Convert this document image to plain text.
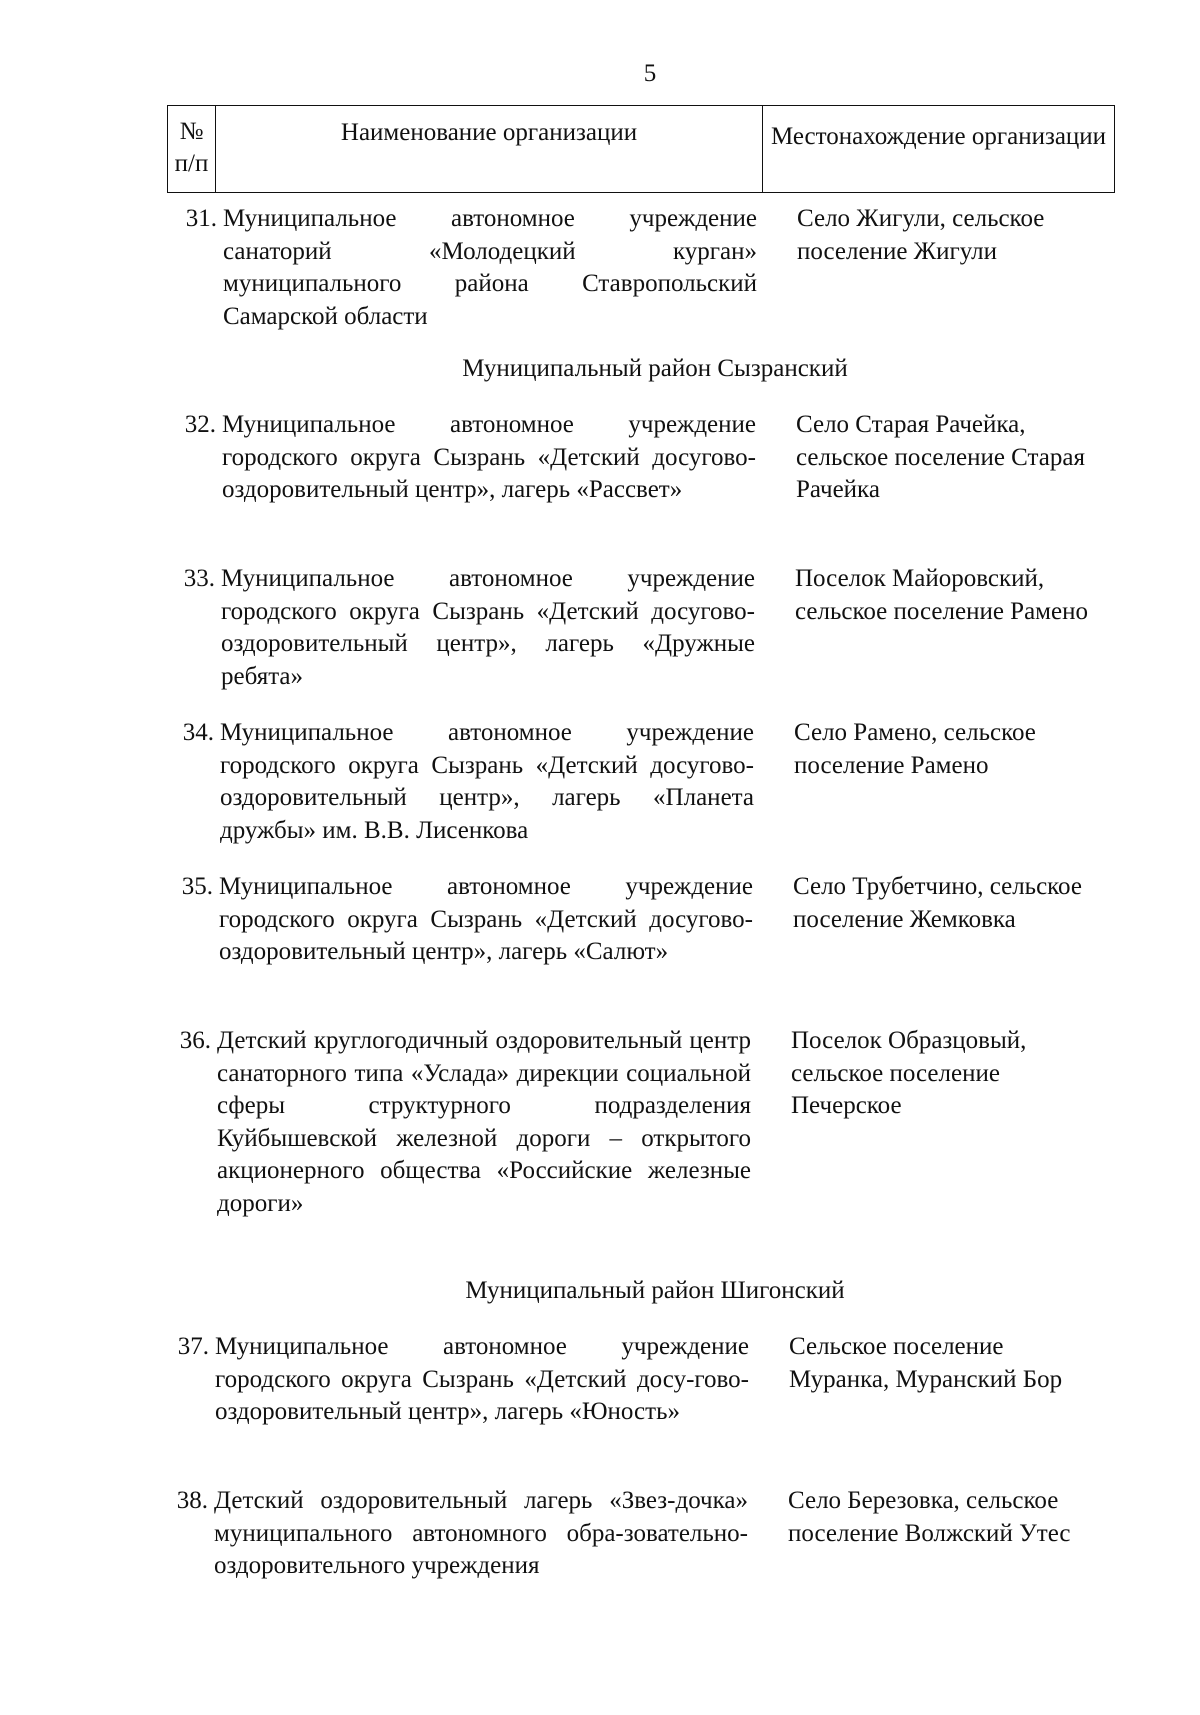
5
№ п/п
Наименование организации	Местонахождение организации
31. Муниципальное автономное учреждение санаторий «Молодецкий курган» муниципального района Ставропольский Самарской области
Село Жигули, сельское поселение Жигули
Муниципальный район Сызранский
32. Муниципальное автономное учреждение городского округа Сызрань «Детский досугово-оздоровительный центр», лагерь «Рассвет»
Село Старая Рачейка, сельское поселение Старая Рачейка
33. Муниципальное автономное учреждение городского округа Сызрань «Детский досугово-оздоровительный центр», лагерь «Дружные ребята»
Поселок Майоровский, сельское поселение Рамено
34. Муниципальное автономное учреждение городского округа Сызрань «Детский досугово-оздоровительный центр», лагерь «Планета дружбы» им. В.В. Лисенкова
Село Рамено, сельское поселение Рамено
35. Муниципальное автономное учреждение городского округа Сызрань «Детский досугово-оздоровительный центр», лагерь «Салют»
Село Трубетчино, сельское поселение Жемковка
36. Детский круглогодичный оздоровительный центр санаторного типа «Услада» дирекции социальной сферы структурного подразделения Куйбышевской железной дороги – открытого акционерного общества «Российские железные дороги»
Поселок Образцовый, сельское поселение Печерское
Муниципальный район Шигонский
37. Муниципальное автономное учреждение городского округа Сызрань «Детский досу-гово-оздоровительный центр», лагерь «Юность»
Сельское поселение Муранка, Муранский Бор
38. Детский оздоровительный лагерь «Звез-дочка» муниципального автономного обра-зовательно-оздоровительного учреждения
Село Березовка, сельское поселение Волжский Утес
